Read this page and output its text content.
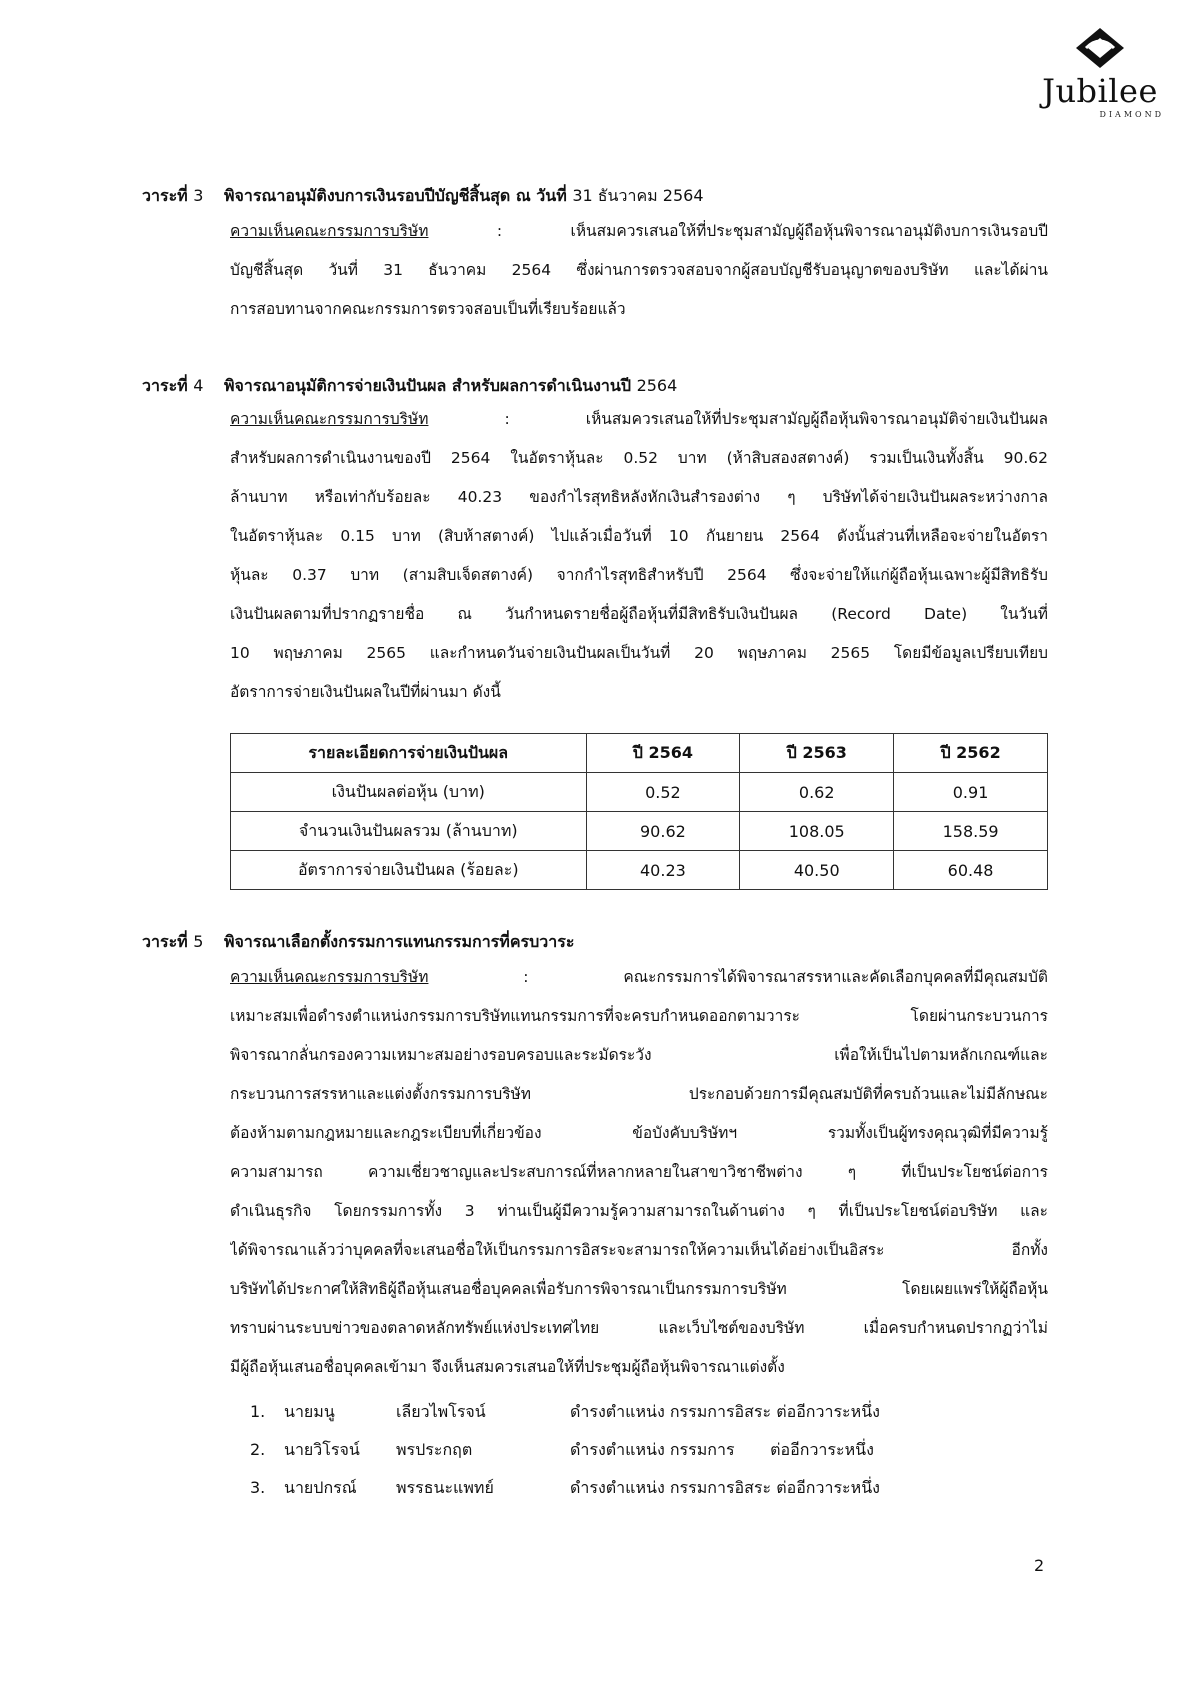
Jubilee
DIAMOND
วาระที่ 3 พิจารณาอนุมัติงบการเงินรอบปีบัญชีสิ้นสุด ณ วันที่ 31 ธันวาคม 2564
ความเห็นคณะกรรมการบริษัท : เห็นสมควรเสนอให้ที่ประชุมสามัญผู้ถือหุ้นพิจารณาอนุมัติงบการเงินรอบปี
บัญชีสิ้นสุด วันที่ 31 ธันวาคม 2564 ซึ่งผ่านการตรวจสอบจากผู้สอบบัญชีรับอนุญาตของบริษัท และได้ผ่าน
การสอบทานจากคณะกรรมการตรวจสอบเป็นที่เรียบร้อยแล้ว
วาระที่ 4 พิจารณาอนุมัติการจ่ายเงินปันผล สำหรับผลการดำเนินงานปี 2564
ความเห็นคณะกรรมการบริษัท : เห็นสมควรเสนอให้ที่ประชุมสามัญผู้ถือหุ้นพิจารณาอนุมัติจ่ายเงินปันผล
สำหรับผลการดำเนินงานของปี 2564 ในอัตราหุ้นละ 0.52 บาท (ห้าสิบสองสตางค์) รวมเป็นเงินทั้งสิ้น 90.62
ล้านบาท หรือเท่ากับร้อยละ 40.23 ของกำไรสุทธิหลังหักเงินสำรองต่าง ๆ บริษัทได้จ่ายเงินปันผลระหว่างกาล
ในอัตราหุ้นละ 0.15 บาท (สิบห้าสตางค์) ไปแล้วเมื่อวันที่ 10 กันยายน 2564 ดังนั้นส่วนที่เหลือจะจ่ายในอัตรา
หุ้นละ 0.37 บาท (สามสิบเจ็ดสตางค์) จากกำไรสุทธิสำหรับปี 2564 ซึ่งจะจ่ายให้แก่ผู้ถือหุ้นเฉพาะผู้มีสิทธิรับ
เงินปันผลตามที่ปรากฏรายชื่อ ณ วันกำหนดรายชื่อผู้ถือหุ้นที่มีสิทธิรับเงินปันผล (Record Date) ในวันที่
10 พฤษภาคม 2565 และกำหนดวันจ่ายเงินปันผลเป็นวันที่ 20 พฤษภาคม 2565 โดยมีข้อมูลเปรียบเทียบ
อัตราการจ่ายเงินปันผลในปีที่ผ่านมา ดังนี้
รายละเอียดการจ่ายเงินปันผล	ปี 2564	ปี 2563	ปี 2562
เงินปันผลต่อหุ้น (บาท)	0.52	0.62	0.91
จำนวนเงินปันผลรวม (ล้านบาท)	90.62	108.05	158.59
อัตราการจ่ายเงินปันผล (ร้อยละ)	40.23	40.50	60.48
วาระที่ 5 พิจารณาเลือกตั้งกรรมการแทนกรรมการที่ครบวาระ
ความเห็นคณะกรรมการบริษัท : คณะกรรมการได้พิจารณาสรรหาและคัดเลือกบุคคลที่มีคุณสมบัติ
เหมาะสมเพื่อดำรงตำแหน่งกรรมการบริษัทแทนกรรมการที่จะครบกำหนดออกตามวาระ โดยผ่านกระบวนการ
พิจารณากลั่นกรองความเหมาะสมอย่างรอบครอบและระมัดระวัง เพื่อให้เป็นไปตามหลักเกณฑ์และ
กระบวนการสรรหาและแต่งตั้งกรรมการบริษัท ประกอบด้วยการมีคุณสมบัติที่ครบถ้วนและไม่มีลักษณะ
ต้องห้ามตามกฎหมายและกฎระเบียบที่เกี่ยวข้อง ข้อบังคับบริษัทฯ รวมทั้งเป็นผู้ทรงคุณวุฒิที่มีความรู้
ความสามารถ ความเชี่ยวชาญและประสบการณ์ที่หลากหลายในสาขาวิชาชีพต่าง ๆ ที่เป็นประโยชน์ต่อการ
ดำเนินธุรกิจ โดยกรรมการทั้ง 3 ท่านเป็นผู้มีความรู้ความสามารถในด้านต่าง ๆ ที่เป็นประโยชน์ต่อบริษัท และ
ได้พิจารณาแล้วว่าบุคคลที่จะเสนอชื่อให้เป็นกรรมการอิสระจะสามารถให้ความเห็นได้อย่างเป็นอิสระ อีกทั้ง
บริษัทได้ประกาศให้สิทธิผู้ถือหุ้นเสนอชื่อบุคคลเพื่อรับการพิจารณาเป็นกรรมการบริษัท โดยเผยแพร่ให้ผู้ถือหุ้น
ทราบผ่านระบบข่าวของตลาดหลักทรัพย์แห่งประเทศไทย และเว็บไซต์ของบริษัท เมื่อครบกำหนดปรากฏว่าไม่
มีผู้ถือหุ้นเสนอชื่อบุคคลเข้ามา จึงเห็นสมควรเสนอให้ที่ประชุมผู้ถือหุ้นพิจารณาแต่งตั้ง
1. นายมนู	เลียวไพโรจน์	ดำรงตำแหน่ง กรรมการอิสระ ต่ออีกวาระหนึ่ง
2. นายวิโรจน์ พรประกฤต	ดำรงตำแหน่ง กรรมการ       ต่ออีกวาระหนึ่ง
3. นายปกรณ์ พรรธนะแพทย์	ดำรงตำแหน่ง กรรมการอิสระ ต่ออีกวาระหนึ่ง
2
